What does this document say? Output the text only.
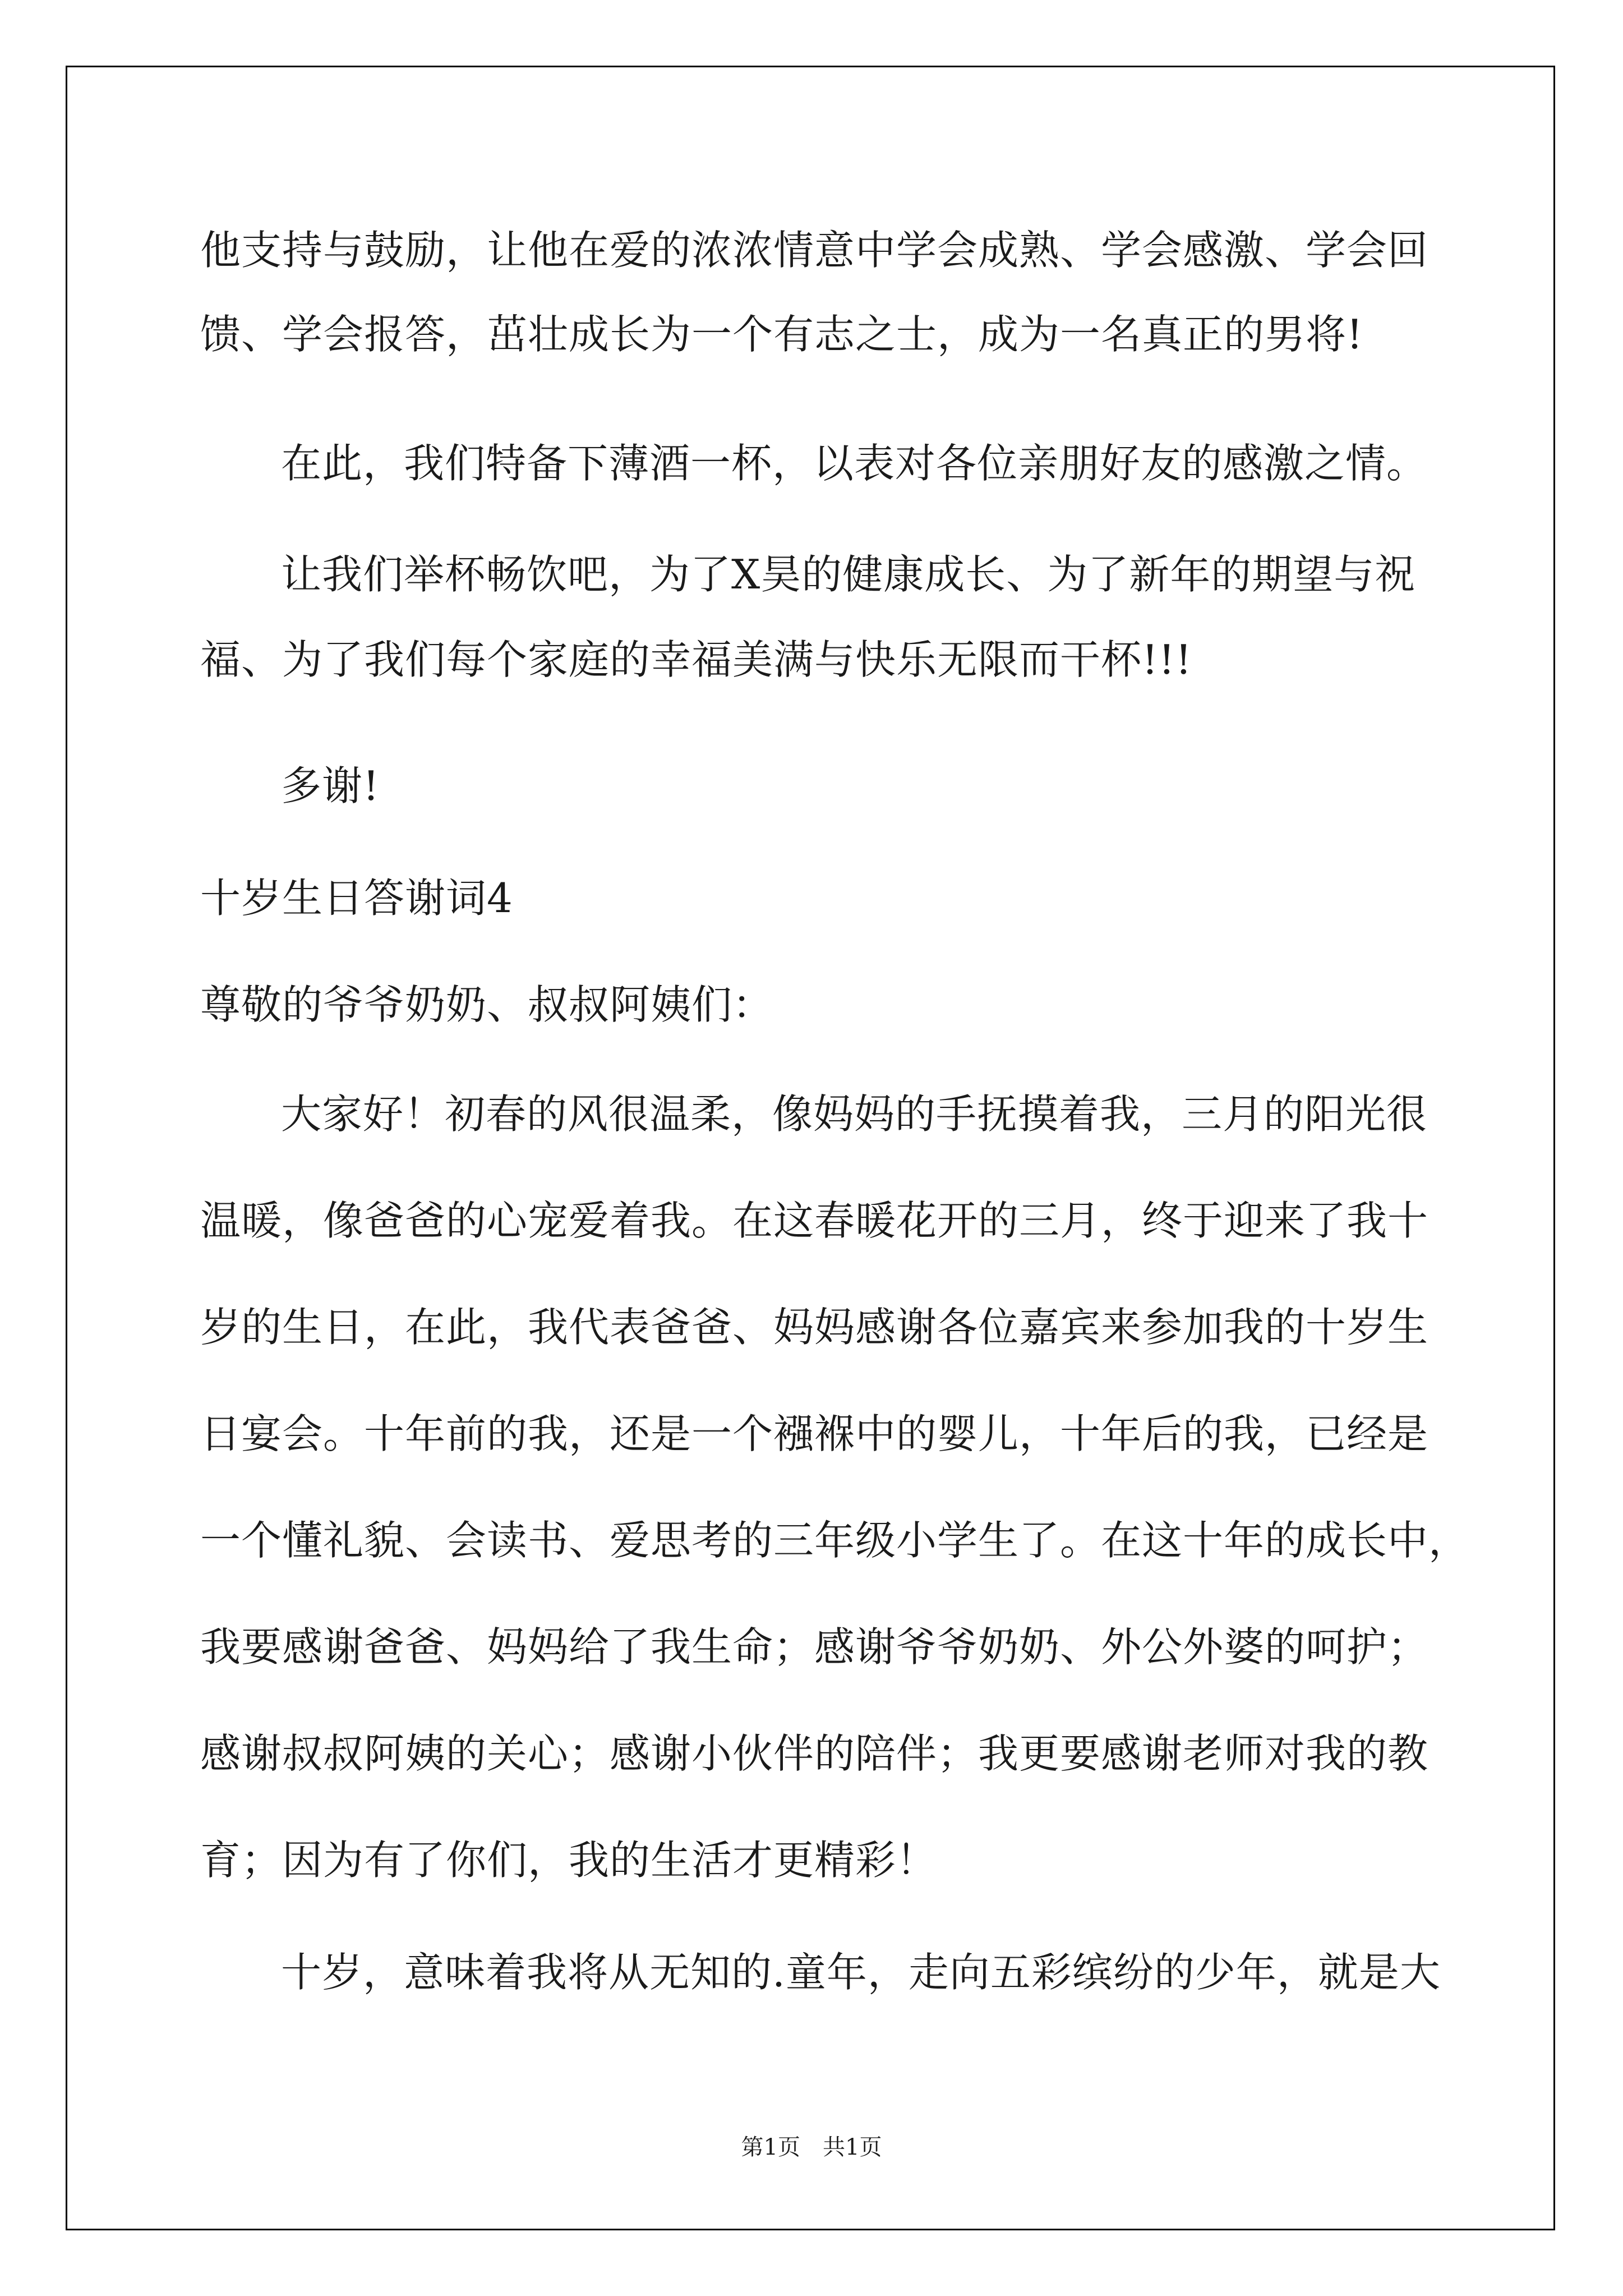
他支持与鼓励，让他在爱的浓浓情意中学会成熟、学会感激、学会回
馈、学会报答，茁壮成长为一个有志之士，成为一名真正的男将!
在此，我们特备下薄酒一杯，以表对各位亲朋好友的感激之情。
让我们举杯畅饮吧，为了X昊的健康成长、为了新年的期望与祝
福、为了我们每个家庭的幸福美满与快乐无限而干杯!!!
多谢!
十岁生日答谢词4
尊敬的爷爷奶奶、叔叔阿姨们：
大家好！初春的风很温柔，像妈妈的手抚摸着我，三月的阳光很
温暖，像爸爸的心宠爱着我。在这春暖花开的三月，终于迎来了我十
岁的生日，在此，我代表爸爸、妈妈感谢各位嘉宾来参加我的十岁生
日宴会。十年前的我，还是一个襁褓中的婴儿，十年后的我，已经是
一个懂礼貌、会读书、爱思考的三年级小学生了。在这十年的成长中，
我要感谢爸爸、妈妈给了我生命；感谢爷爷奶奶、外公外婆的呵护；
感谢叔叔阿姨的关心；感谢小伙伴的陪伴；我更要感谢老师对我的教
育；因为有了你们，我的生活才更精彩！
十岁，意味着我将从无知的.童年，走向五彩缤纷的少年，就是大
第1页　共1页
